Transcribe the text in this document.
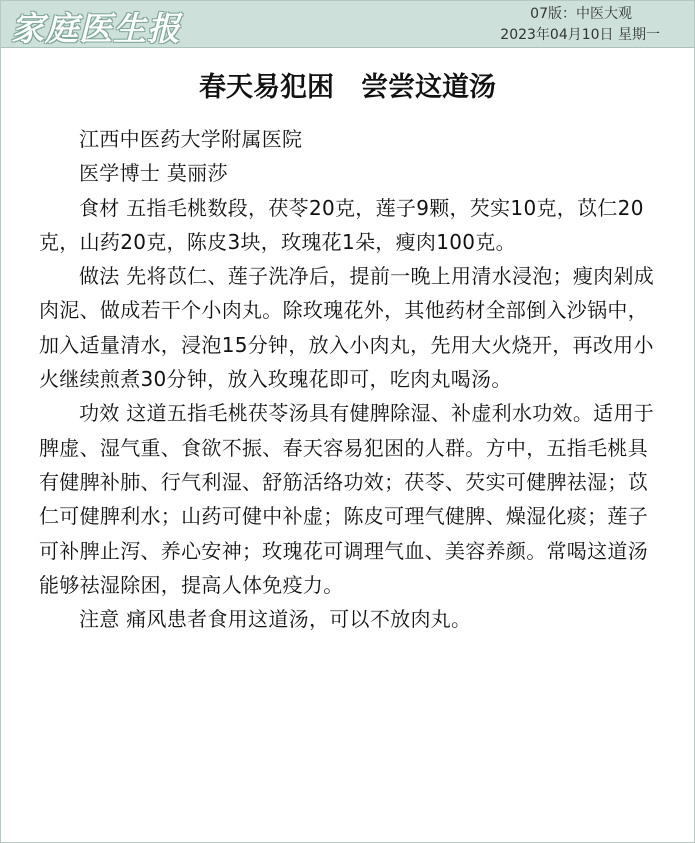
家庭医生报	07版：中医大观
2023年04月10日 星期一
春天易犯困　尝尝这道汤

江西中医药大学附属医院

医学博士 莫丽莎

食材 五指毛桃数段，茯苓20克，莲子9颗，芡实10克，苡仁20克，山药20克，陈皮3块，玫瑰花1朵，瘦肉100克。

做法 先将苡仁、莲子洗净后，提前一晚上用清水浸泡；瘦肉剁成肉泥、做成若干个小肉丸。除玫瑰花外，其他药材全部倒入沙锅中，加入适量清水，浸泡15分钟，放入小肉丸，先用大火烧开，再改用小火继续煎煮30分钟，放入玫瑰花即可，吃肉丸喝汤。

功效 这道五指毛桃茯苓汤具有健脾除湿、补虚利水功效。适用于脾虚、湿气重、食欲不振、春天容易犯困的人群。方中，五指毛桃具有健脾补肺、行气利湿、舒筋活络功效；茯苓、芡实可健脾祛湿；苡仁可健脾利水；山药可健中补虚；陈皮可理气健脾、燥湿化痰；莲子可补脾止泻、养心安神；玫瑰花可调理气血、美容养颜。常喝这道汤能够祛湿除困，提高人体免疫力。

注意 痛风患者食用这道汤，可以不放肉丸。
